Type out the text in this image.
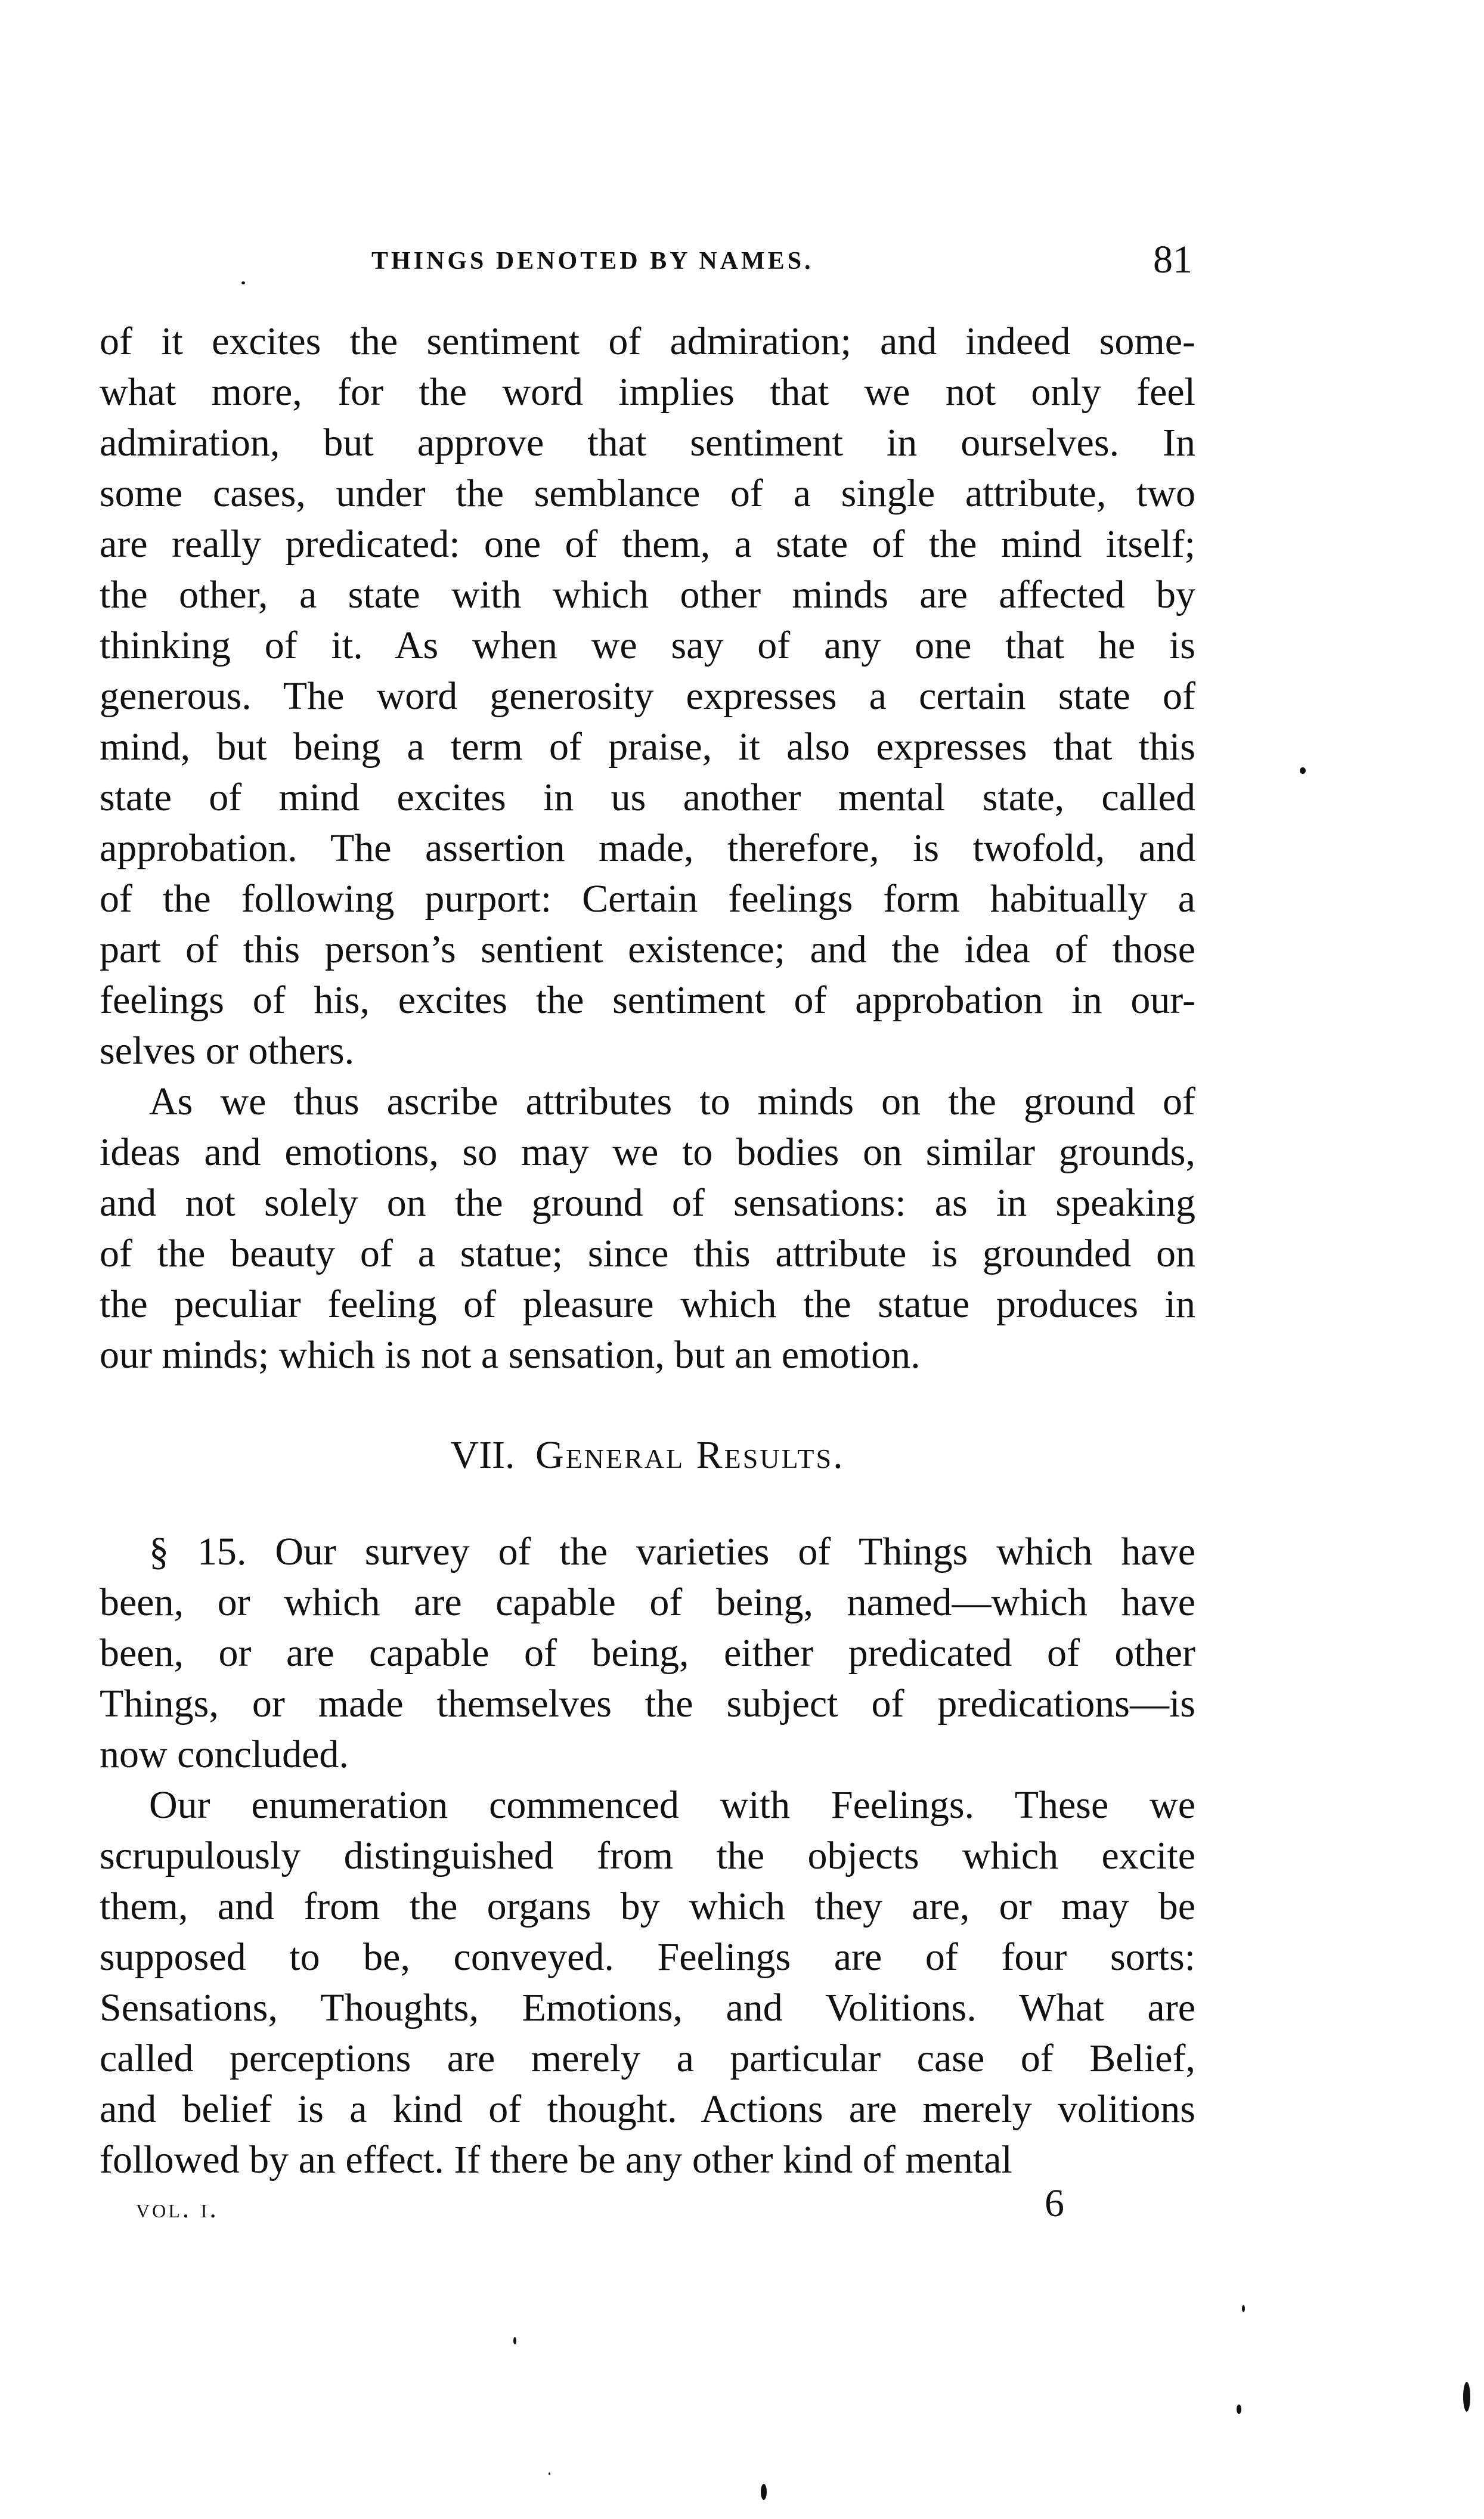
THINGS DENOTED BY NAMES.	81

of it excites the sentiment of admiration; and indeed some-
what more, for the word implies that we not only feel
admiration, but approve that sentiment in ourselves. In
some cases, under the semblance of a single attribute, two
are really predicated: one of them, a state of the mind itself;
the other, a state with which other minds are affected by
thinking of it. As when we say of any one that he is
generous. The word generosity expresses a certain state of
mind, but being a term of praise, it also expresses that this
state of mind excites in us another mental state, called
approbation. The assertion made, therefore, is twofold, and
of the following purport: Certain feelings form habitually a
part of this person’s sentient existence; and the idea of those
feelings of his, excites the sentiment of approbation in our-
selves or others.

As we thus ascribe attributes to minds on the ground of
ideas and emotions, so may we to bodies on similar grounds,
and not solely on the ground of sensations: as in speaking
of the beauty of a statue; since this attribute is grounded on
the peculiar feeling of pleasure which the statue produces in
our minds; which is not a sensation, but an emotion.

VII. General Results.

§ 15. Our survey of the varieties of Things which have
been, or which are capable of being, named—which have
been, or are capable of being, either predicated of other
Things, or made themselves the subject of predications—is
now concluded.

Our enumeration commenced with Feelings. These we
scrupulously distinguished from the objects which excite
them, and from the organs by which they are, or may be
supposed to be, conveyed. Feelings are of four sorts:
Sensations, Thoughts, Emotions, and Volitions. What are
called perceptions are merely a particular case of Belief,
and belief is a kind of thought. Actions are merely volitions
followed by an effect. If there be any other kind of mental

vol. i.	6
